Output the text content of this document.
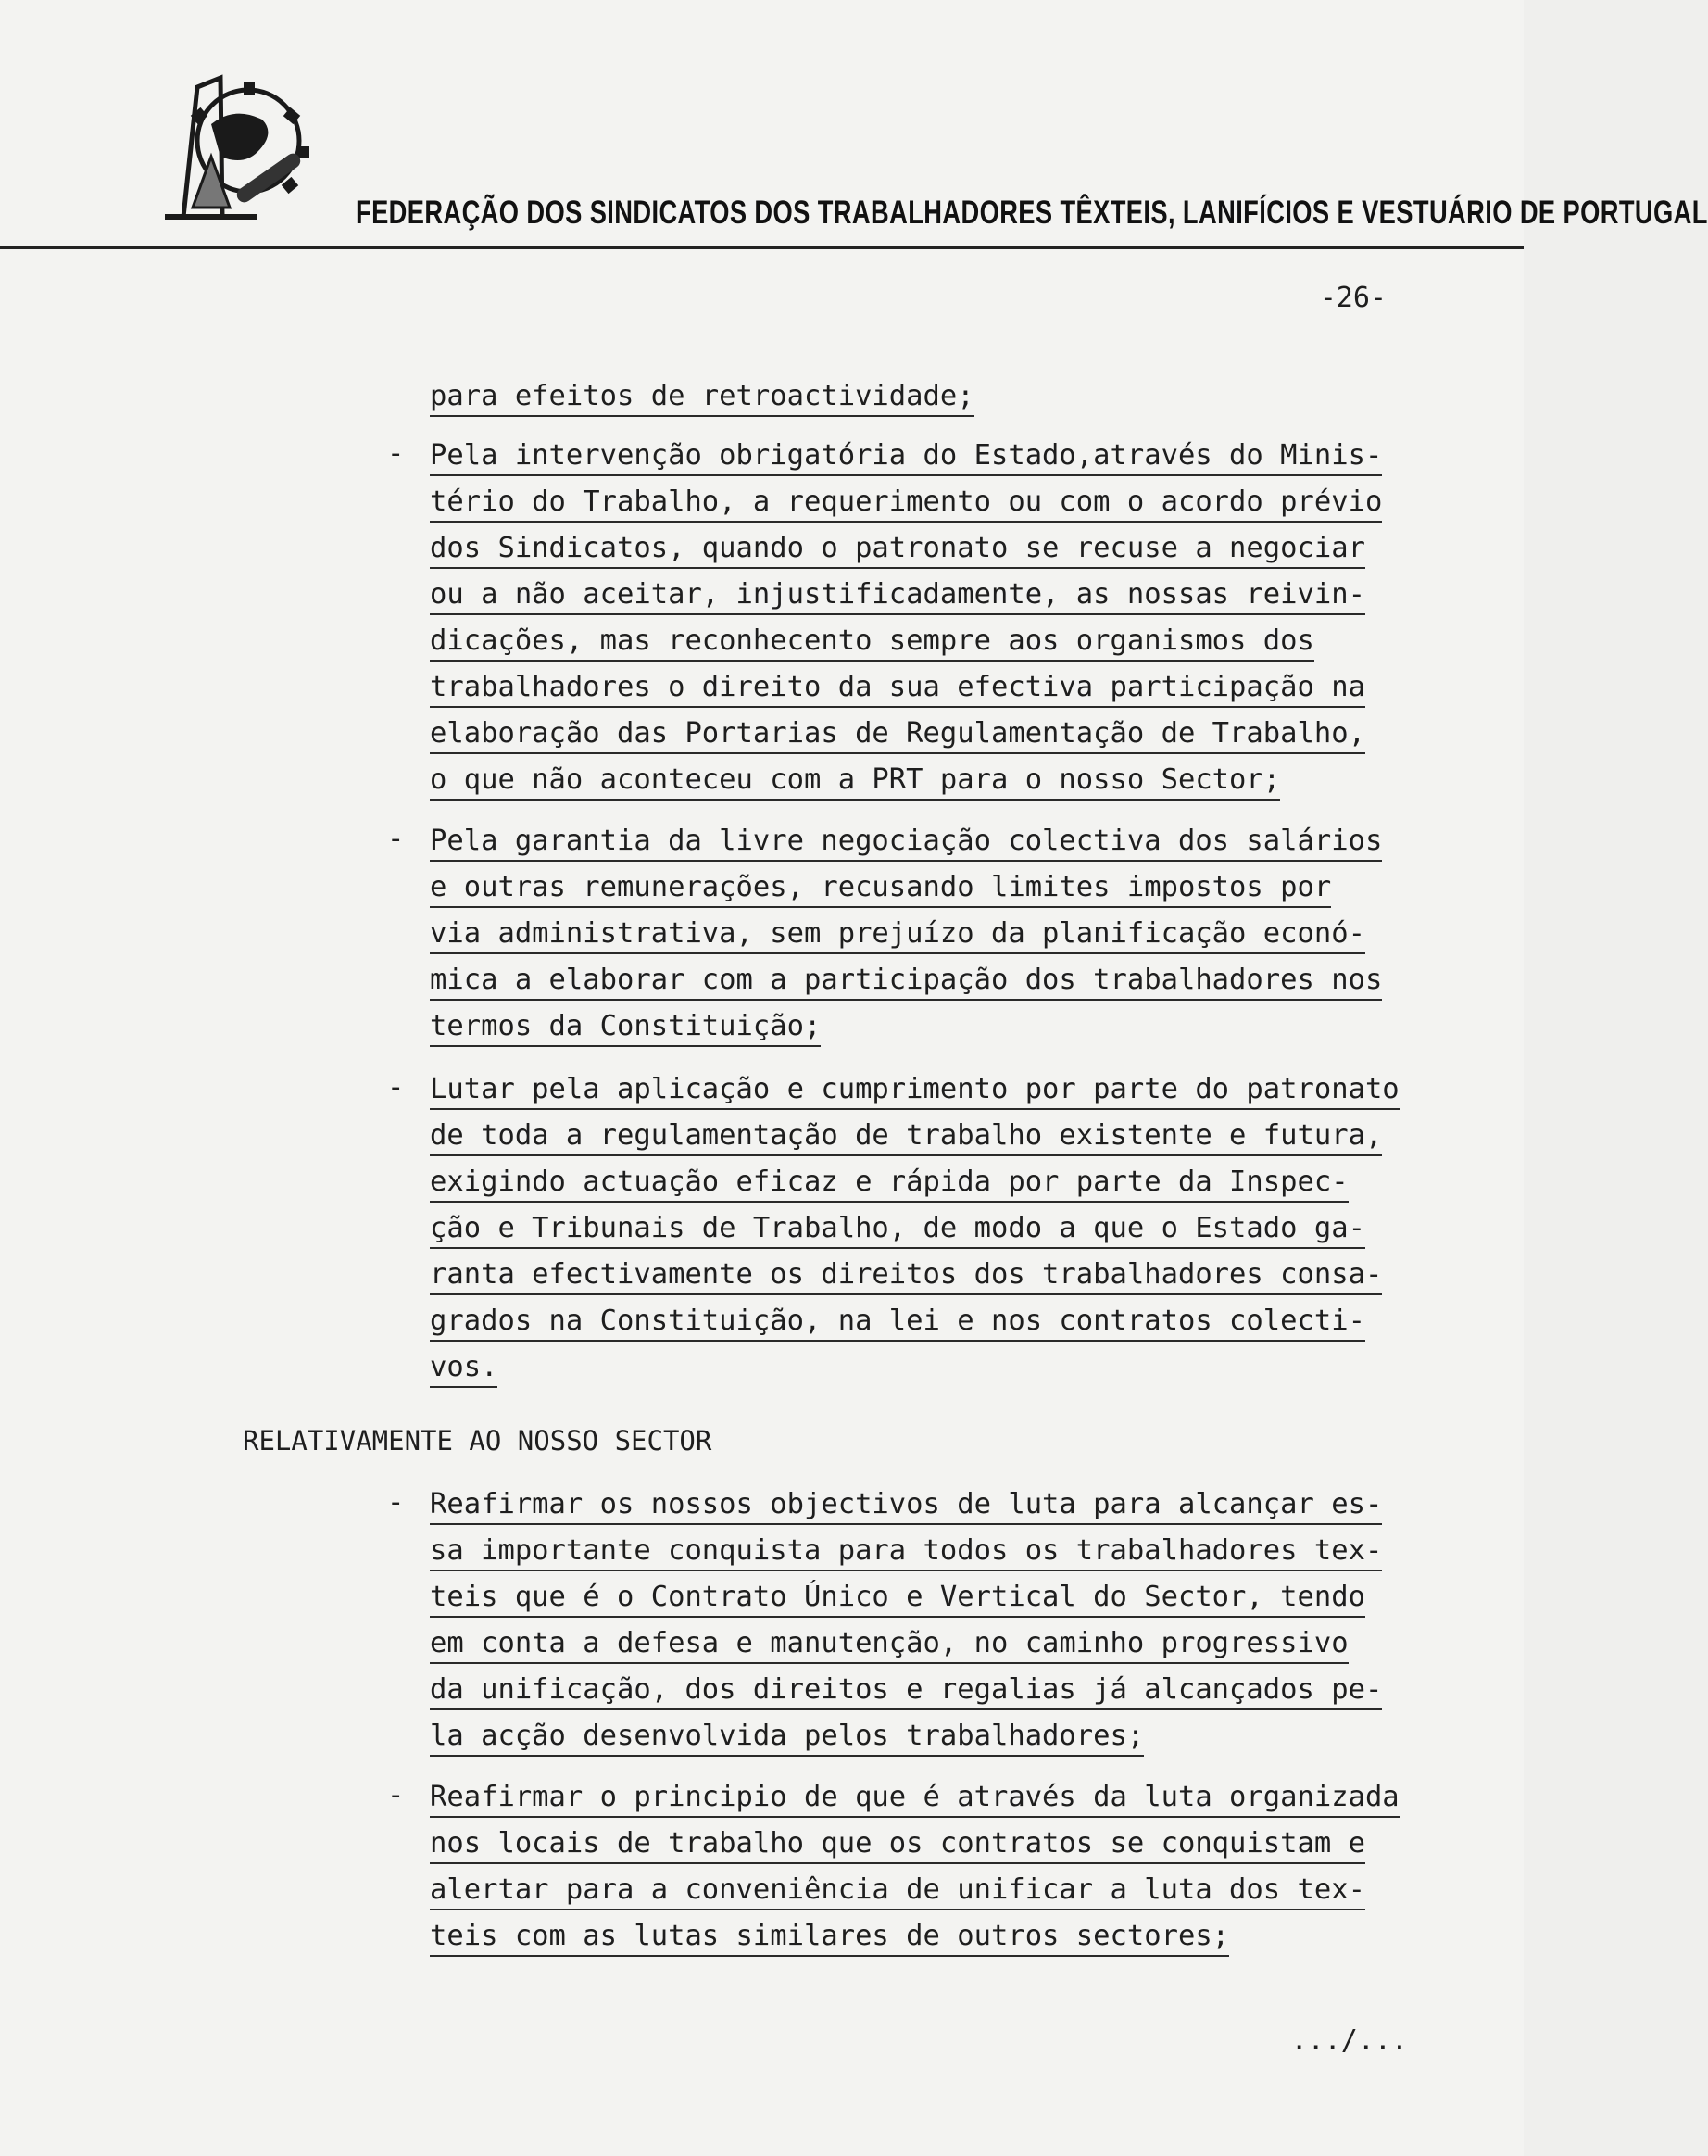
‎ ‎ ‎ ‎ ‎ ‎ ‎ ‎ ‎ ‎ ‎ ‎ ‎ ‎ ‎ ‎ ‎ ‎ ‎ ‎ ‎ ‎ ‎ ‎ ‎ ‎ ‎ ‎ ‎ ‎ ‎ ‎ ‎ ‎ ‎ ‎
FEDERAÇÃO DOS SINDICATOS DOS TRABALHADORES TÊXTEIS, LANIFÍCIOS E VESTUÁRIO DE PORTUGAL
-26-
para efeitos de retroactividade;
- Pela intervenção obrigatória do Estado,através do Minis-
tério do Trabalho, a requerimento ou com o acordo prévio
dos Sindicatos, quando o patronato se recuse a negociar
ou a não aceitar, injustificadamente, as nossas reivin-
dicações, mas reconhecento sempre aos organismos dos
trabalhadores o direito da sua efectiva participação na
elaboração das Portarias de Regulamentação de Trabalho,
o que não aconteceu com a PRT para o nosso Sector;
- Pela garantia da livre negociação colectiva dos salários
e outras remunerações, recusando limites impostos por
via administrativa, sem prejuízo da planificação econó-
mica a elaborar com a participação dos trabalhadores nos
termos da Constituição;
- Lutar pela aplicação e cumprimento por parte do patronato
de toda a regulamentação de trabalho existente e futura,
exigindo actuação eficaz e rápida por parte da Inspec-
ção e Tribunais de Trabalho, de modo a que o Estado ga-
ranta efectivamente os direitos dos trabalhadores consa-
grados na Constituição, na lei e nos contratos colecti-
vos.
RELATIVAMENTE AO NOSSO SECTOR
- Reafirmar os nossos objectivos de luta para alcançar es-
sa importante conquista para todos os trabalhadores tex-
teis que é o Contrato Único e Vertical do Sector, tendo
em conta a defesa e manutenção, no caminho progressivo
da unificação, dos direitos e regalias já alcançados pe-
la acção desenvolvida pelos trabalhadores;
- Reafirmar o principio de que é através da luta organizada
nos locais de trabalho que os contratos se conquistam e
alertar para a conveniência de unificar a luta dos tex-
teis com as lutas similares de outros sectores;
.../...
